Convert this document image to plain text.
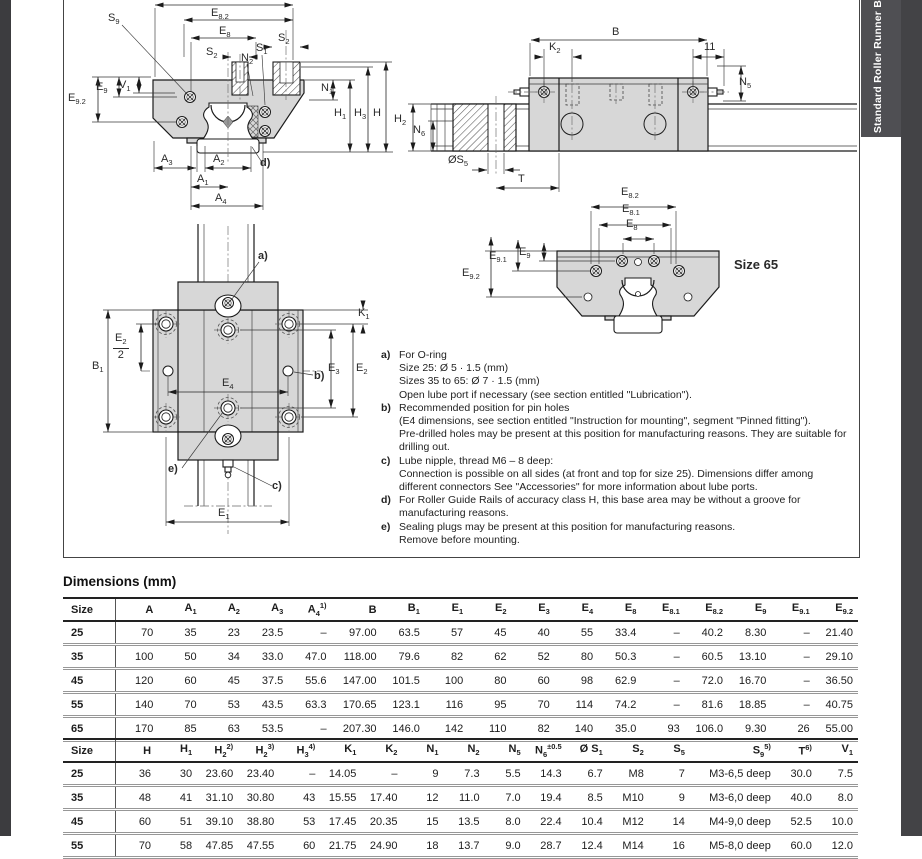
Standard Roller Runner B
$E_{8.2}$
$E_8$
$S_2$ $N_2$
$S_1$
$S_2$
$S_9$
$E_9$ $V_1$
$E_{9.2}$
$N_1$
$H_1$ $H_3$ H
$A_3$	$A_2$
$A_1$
$A_4$
d)
B
$K_2$	11
$N_5$
$H_2$
$N_6$
$ØS_5$
T
$E_{8.2}$
$E_{8.1}$
$E_8$
$E_{9.1}$
$E_9$
$E_{9.2}$
Size 65
a)
$K_1$
$B_1$
$\frac{E_2}{2}$
$E_3$ $E_2$
b)
$E_4$
e)
c)
$E_1$
a) For O-ring
Size 25: Ø 5 · 1.5 (mm)
Sizes 35 to 65: Ø 7 · 1.5 (mm)
Open lube port if necessary (see section entitled "Lubrication").
b) Recommended position for pin holes
(E4 dimensions, see section entitled "Instruction for mounting", segment "Pinned fitting").
Pre-drilled holes may be present at this position for manufacturing reasons. They are suitable for
drilling out.
c) Lube nipple, thread M6 – 8 deep:
Connection is possible on all sides (at front and top for size 25). Dimensions differ among
different connectors See "Accessories" for more information about lube ports.
d) For Roller Guide Rails of accuracy class H, this base area may be without a groove for
manufacturing reasons.
e) Sealing plugs may be present at this position for manufacturing reasons.
Remove before mounting.
Dimensions (mm)
Size	A	$A_1$	$A_2$	$A_3$	$A_4^{1)}$	B	$B_1$	$E_1$	$E_2$	$E_3$	$E_4$	$E_8$	$E_{8.1}$	$E_{8.2}$	$E_9$	$E_{9.1}$	$E_{9.2}$
25	70	35	23	23.5	–	97.00	63.5	57	45	40	55	33.4	–	40.2	8.30	–	21.40
35	100	50	34	33.0	47.0	118.00	79.6	82	62	52	80	50.3	–	60.5	13.10	–	29.10
45	120	60	45	37.5	55.6	147.00	101.5	100	80	60	98	62.9	–	72.0	16.70	–	36.50
55	140	70	53	43.5	63.3	170.65	123.1	116	95	70	114	74.2	–	81.6	18.85	–	40.75
65	170	85	63	53.5	–	207.30	146.0	142	110	82	140	35.0	93	106.0	9.30	26	55.00
Size	H	$H_1$	$H_2^{2)}$	$H_2^{3)}$	$H_3^{4)}$	$K_1$	$K_2$	$N_1$	$N_2$	$N_5$	$N_6^{\pm 0.5}$	Ø $S_1$	$S_2$	$S_5$	$S_9^{5)}$	$T^{6)}$	$V_1$
25	36	30	23.60	23.40	–	14.05	–	9	7.3	5.5	14.3	6.7	M8	7	M3-6,5 deep	30.0	7.5
35	48	41	31.10	30.80	43	15.55	17.40	12	11.0	7.0	19.4	8.5	M10	9	M3-6,0 deep	40.0	8.0
45	60	51	39.10	38.80	53	17.45	20.35	15	13.5	8.0	22.4	10.4	M12	14	M4-9,0 deep	52.5	10.0
55	70	58	47.85	47.55	60	21.75	24.90	18	13.7	9.0	28.7	12.4	M14	16	M5-8,0 deep	60.0	12.0
